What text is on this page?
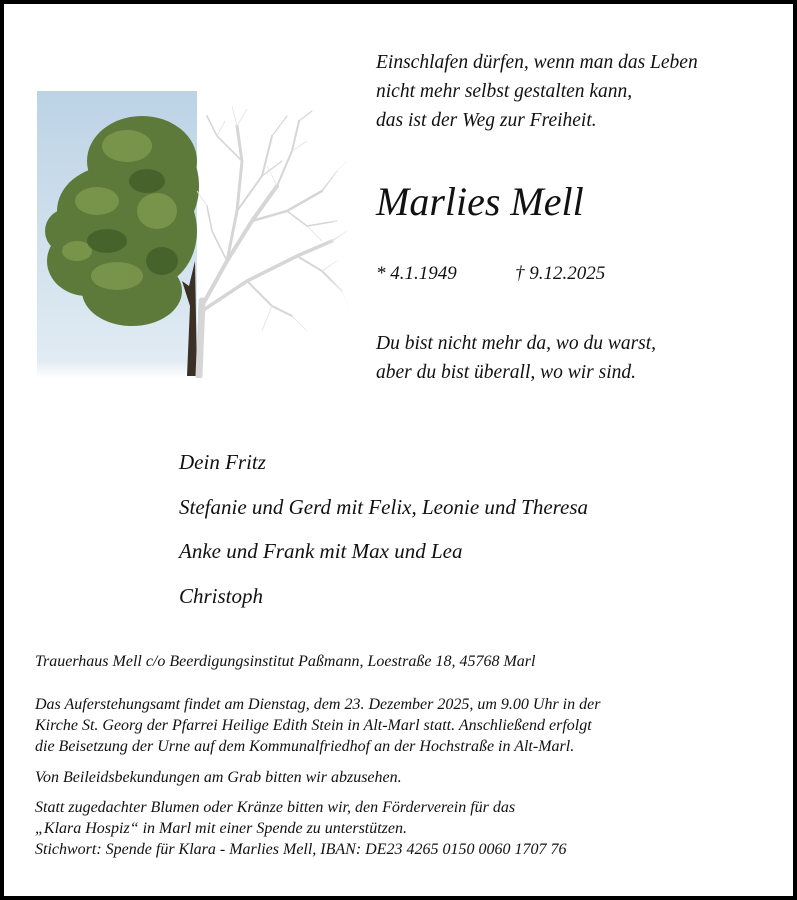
Einschlafen dürfen, wenn man das Leben
nicht mehr selbst gestalten kann,
das ist der Weg zur Freiheit.
Marlies Mell
* 4.1.1949	† 9.12.2025
Du bist nicht mehr da, wo du warst,
aber du bist überall, wo wir sind.
Dein Fritz
Stefanie und Gerd mit Felix, Leonie und Theresa
Anke und Frank mit Max und Lea
Christoph

Trauerhaus Mell c/o Beerdigungsinstitut Paßmann, Loestraße 18, 45768 Marl

Das Auferstehungsamt findet am Dienstag, dem 23. Dezember 2025, um 9.00 Uhr in der

Kirche St. Georg der Pfarrei Heilige Edith Stein in Alt-Marl statt. Anschließend erfolgt

die Beisetzung der Urne auf dem Kommunalfriedhof an der Hochstraße in Alt-Marl.

Von Beileidsbekundungen am Grab bitten wir abzusehen.

Statt zugedachter Blumen oder Kränze bitten wir, den Förderverein für das

„Klara Hospiz“ in Marl mit einer Spende zu unterstützen.

Stichwort: Spende für Klara - Marlies Mell, IBAN: DE23 4265 0150 0060 1707 76
